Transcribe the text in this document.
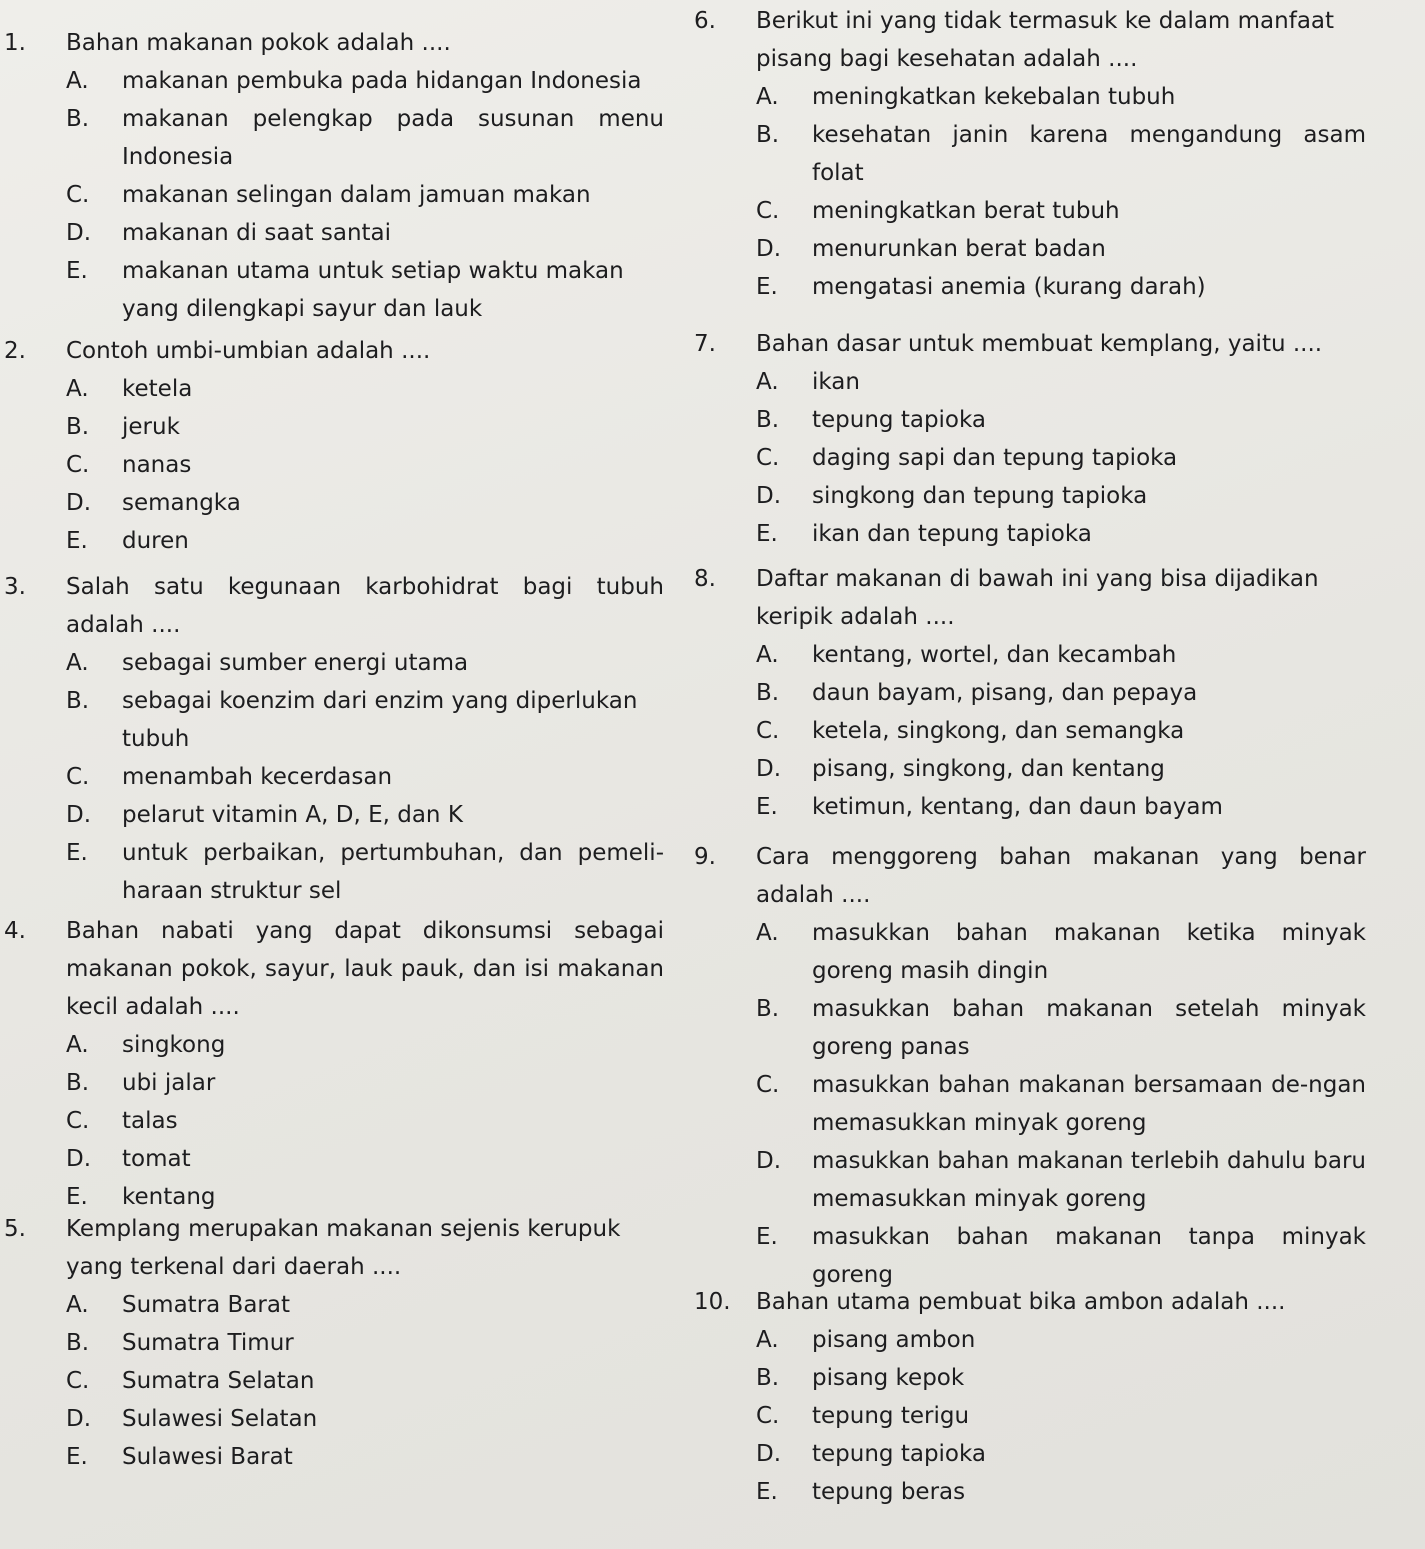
1.	Bahan makanan pokok adalah ....
A.	makanan pembuka pada hidangan Indonesia
B.	makanan pelengkap pada susunan menu Indonesia
C.	makanan selingan dalam jamuan makan
D.	makanan di saat santai
E.	makanan utama untuk setiap waktu makan yang dilengkapi sayur dan lauk
2.	Contoh umbi-umbian adalah ....
A.	ketela
B.	jeruk
C.	nanas
D.	semangka
E.	duren
3.	Salah satu kegunaan karbohidrat bagi tubuh adalah ....
A.	sebagai sumber energi utama
B.	sebagai koenzim dari enzim yang diperlukan tubuh
C.	menambah kecerdasan
D.	pelarut vitamin A, D, E, dan K
E.	untuk perbaikan, pertumbuhan, dan pemeli-haraan struktur sel
4.	Bahan nabati yang dapat dikonsumsi sebagai makanan pokok, sayur, lauk pauk, dan isi makanan kecil adalah ....
A.	singkong
B.	ubi jalar
C.	talas
D.	tomat
E.	kentang
5.	Kemplang merupakan makanan sejenis kerupuk yang terkenal dari daerah ....
A.	Sumatra Barat
B.	Sumatra Timur
C.	Sumatra Selatan
D.	Sulawesi Selatan
E.	Sulawesi Barat
6.	Berikut ini yang tidak termasuk ke dalam manfaat pisang bagi kesehatan adalah ....
A.	meningkatkan kekebalan tubuh
B.	kesehatan janin karena mengandung asam folat
C.	meningkatkan berat tubuh
D.	menurunkan berat badan
E.	mengatasi anemia (kurang darah)
7.	Bahan dasar untuk membuat kemplang, yaitu ....
A.	ikan
B.	tepung tapioka
C.	daging sapi dan tepung tapioka
D.	singkong dan tepung tapioka
E.	ikan dan tepung tapioka
8.	Daftar makanan di bawah ini yang bisa dijadikan keripik adalah ....
A.	kentang, wortel, dan kecambah
B.	daun bayam, pisang, dan pepaya
C.	ketela, singkong, dan semangka
D.	pisang, singkong, dan kentang
E.	ketimun, kentang, dan daun bayam
9.	Cara menggoreng bahan makanan yang benar adalah ....
A.	masukkan bahan makanan ketika minyak goreng masih dingin
B.	masukkan bahan makanan setelah minyak goreng panas
C.	masukkan bahan makanan bersamaan de-ngan memasukkan minyak goreng
D.	masukkan bahan makanan terlebih dahulu baru memasukkan minyak goreng
E.	masukkan bahan makanan tanpa minyak goreng
10.	Bahan utama pembuat bika ambon adalah ....
A.	pisang ambon
B.	pisang kepok
C.	tepung terigu
D.	tepung tapioka
E.	tepung beras
